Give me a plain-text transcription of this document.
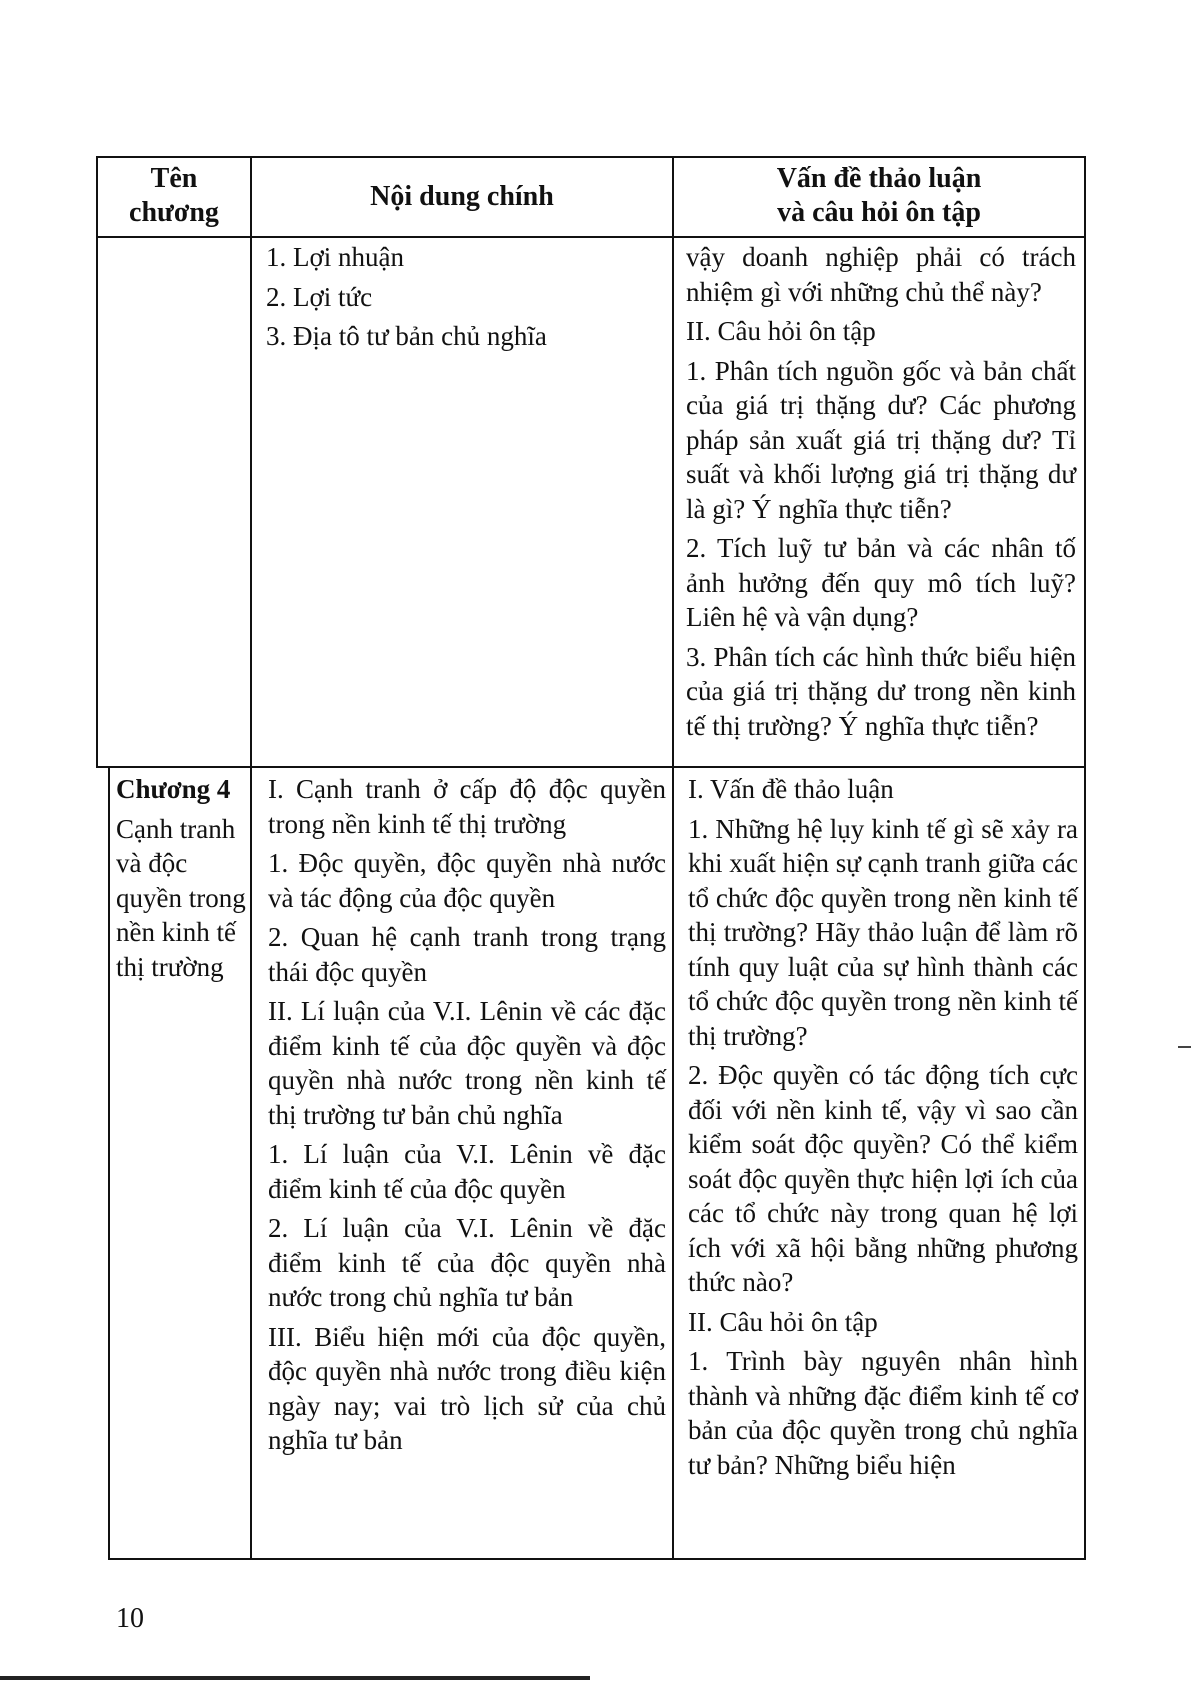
Tên
chương
Nội dung chính
Vấn đề thảo luận
và câu hỏi ôn tập

1. Lợi nhuận

2. Lợi tức

3. Địa tô tư bản chủ nghĩa

vậy doanh nghiệp phải có trách nhiệm gì với những chủ thể này?

II. Câu hỏi ôn tập

1. Phân tích nguồn gốc và bản chất của giá trị thặng dư? Các phương pháp sản xuất giá trị thặng dư? Tỉ suất và khối lượng giá trị thặng dư là gì? Ý nghĩa thực tiễn?

2. Tích luỹ tư bản và các nhân tố ảnh hưởng đến quy mô tích luỹ? Liên hệ và vận dụng?

3. Phân tích các hình thức biểu hiện của giá trị thặng dư trong nền kinh tế thị trường? Ý nghĩa thực tiễn?

Chương 4

Cạnh tranh và độc quyền trong nền kinh tế thị trường

I. Cạnh tranh ở cấp độ độc quyền trong nền kinh tế thị trường

1. Độc quyền, độc quyền nhà nước và tác động của độc quyền

2. Quan hệ cạnh tranh trong trạng thái độc quyền

II. Lí luận của V.I. Lênin về các đặc điểm kinh tế của độc quyền và độc quyền nhà nước trong nền kinh tế thị trường tư bản chủ nghĩa

1. Lí luận của V.I. Lênin về đặc điểm kinh tế của độc quyền

2. Lí luận của V.I. Lênin về đặc điểm kinh tế của độc quyền nhà nước trong chủ nghĩa tư bản

III. Biểu hiện mới của độc quyền, độc quyền nhà nước trong điều kiện ngày nay; vai trò lịch sử của chủ nghĩa tư bản

I. Vấn đề thảo luận

1. Những hệ lụy kinh tế gì sẽ xảy ra khi xuất hiện sự cạnh tranh giữa các tổ chức độc quyền trong nền kinh tế thị trường? Hãy thảo luận để làm rõ tính quy luật của sự hình thành các tổ chức độc quyền trong nền kinh tế thị trường?

2. Độc quyền có tác động tích cực đối với nền kinh tế, vậy vì sao cần kiểm soát độc quyền? Có thể kiểm soát độc quyền thực hiện lợi ích của các tổ chức này trong quan hệ lợi ích với xã hội bằng những phương thức nào?

II. Câu hỏi ôn tập

1. Trình bày nguyên nhân hình thành và những đặc điểm kinh tế cơ bản của độc quyền trong chủ nghĩa tư bản? Những biểu hiện

10
